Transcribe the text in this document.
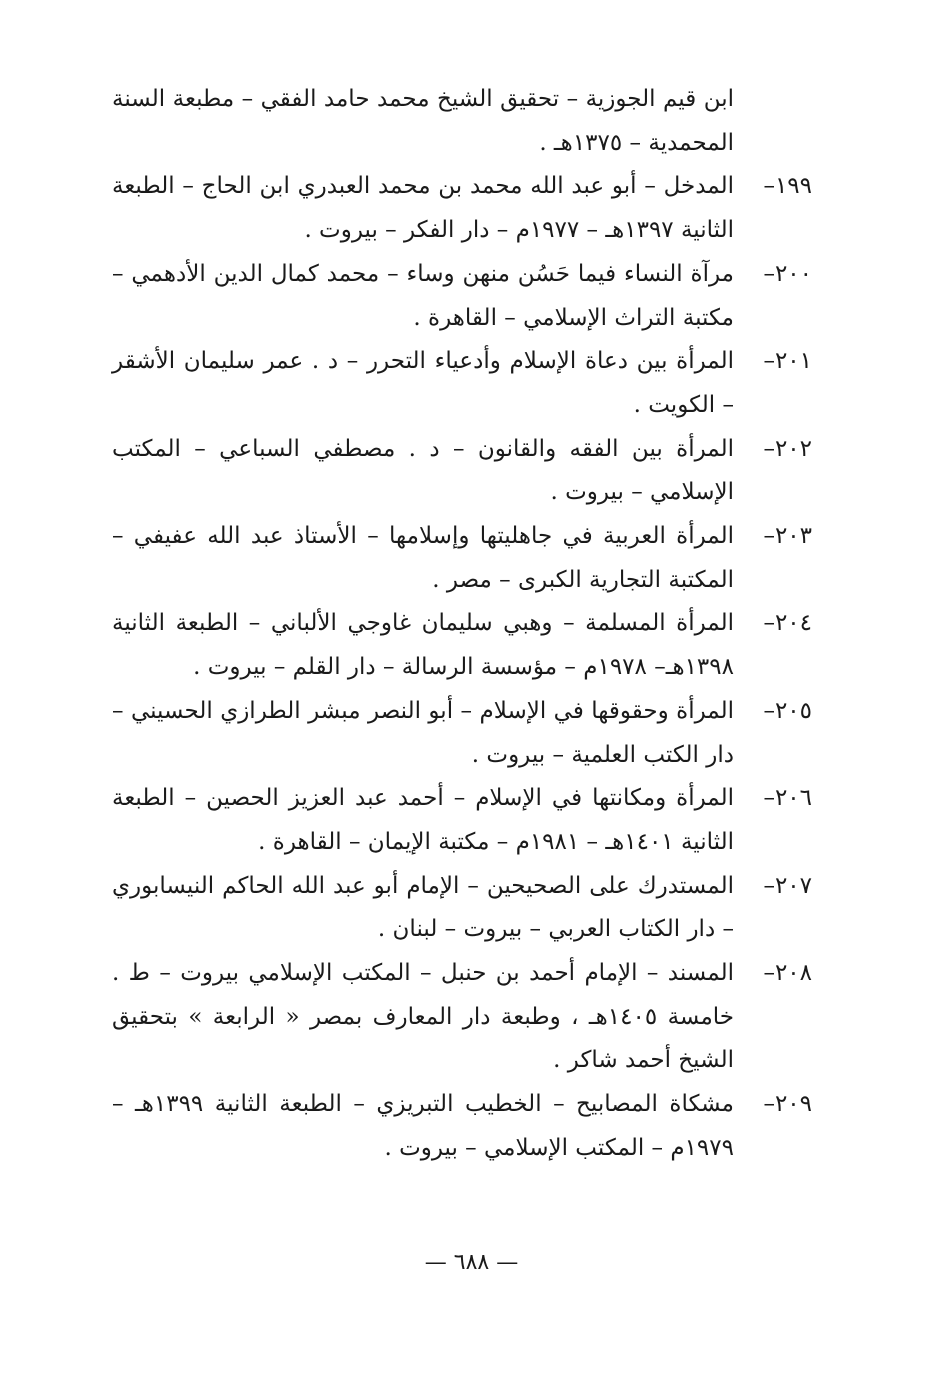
ابن قيم الجوزية – تحقيق الشيخ محمد حامد الفقي – مطبعة السنة المحمدية – ١٣٧٥هـ .
١٩٩–
المدخل – أبو عبد الله محمد بن محمد العبدري ابن الحاج – الطبعة الثانية ١٣٩٧هـ – ١٩٧٧م – دار الفكر – بيروت .
٢٠٠–
مرآة النساء فيما حَسُن منهن وساء – محمد كمال الدين الأدهمي – مكتبة التراث الإسلامي – القاهرة .
٢٠١–
المرأة بين دعاة الإسلام وأدعياء التحرر – د . عمر سليمان الأشقر – الكويت .
٢٠٢–
المرأة بين الفقه والقانون – د . مصطفي السباعي – المكتب الإسلامي – بيروت .
٢٠٣–
المرأة العربية في جاهليتها وإسلامها – الأستاذ عبد الله عفيفي – المكتبة التجارية الكبرى – مصر .
٢٠٤–
المرأة المسلمة – وهبي سليمان غاوجي الألباني – الطبعة الثانية ١٣٩٨هـ– ١٩٧٨م – مؤسسة الرسالة – دار القلم – بيروت .
٢٠٥–
المرأة وحقوقها في الإسلام – أبو النصر مبشر الطرازي الحسيني – دار الكتب العلمية – بيروت .
٢٠٦–
المرأة ومكانتها في الإسلام – أحمد عبد العزيز الحصين – الطبعة الثانية ١٤٠١هـ – ١٩٨١م – مكتبة الإيمان – القاهرة .
٢٠٧–
المستدرك على الصحيحين – الإمام أبو عبد الله الحاكم النيسابوري – دار الكتاب العربي – بيروت – لبنان .
٢٠٨–
المسند – الإمام أحمد بن حنبل – المكتب الإسلامي بيروت – ط . خامسة ١٤٠٥هـ ، وطبعة دار المعارف بمصر « الرابعة » بتحقيق الشيخ أحمد شاكر .
٢٠٩–
مشكاة المصابيح – الخطيب التبريزي – الطبعة الثانية ١٣٩٩هـ – ١٩٧٩م – المكتب الإسلامي – بيروت .
— ٦٨٨ —
